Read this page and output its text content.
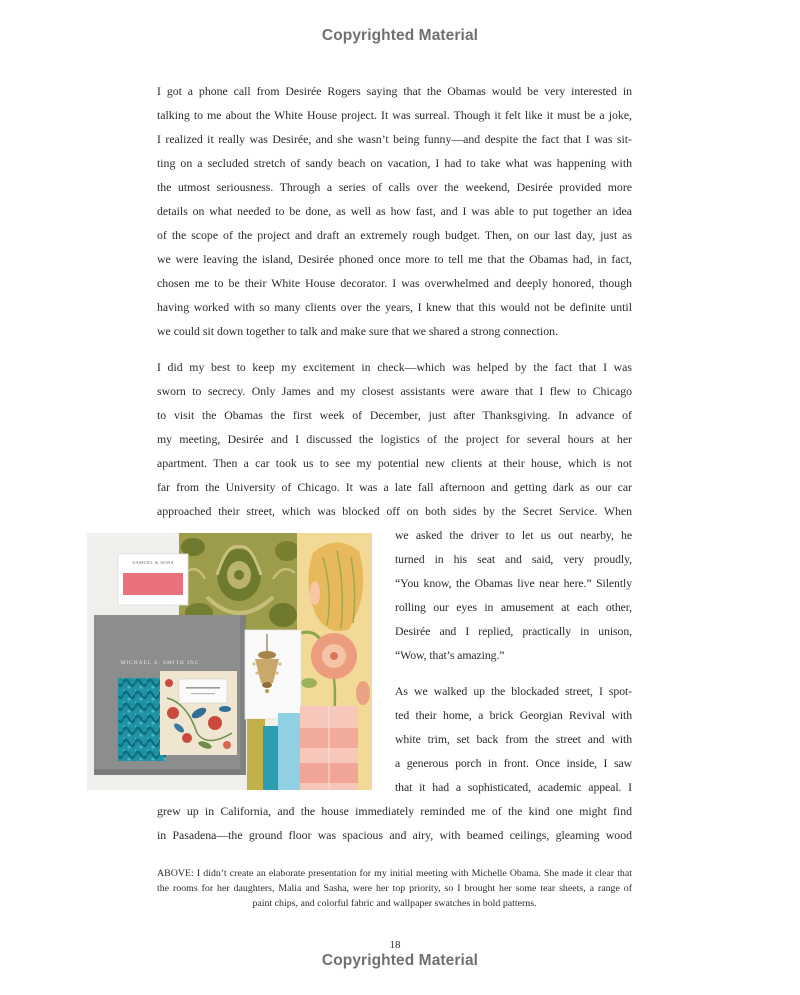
Copyrighted Material
I got a phone call from Desirée Rogers saying that the Obamas would be very interested in
talking to me about the White House project. It was surreal. Though it felt like it must be a joke,
I realized it really was Desirée, and she wasn’t being funny—and despite the fact that I was sit-
ting on a secluded stretch of sandy beach on vacation, I had to take what was happening with
the utmost seriousness. Through a series of calls over the weekend, Desirée provided more
details on what needed to be done, as well as how fast, and I was able to put together an idea
of the scope of the project and draft an extremely rough budget. Then, on our last day, just as
we were leaving the island, Desirée phoned once more to tell me that the Obamas had, in fact,
chosen me to be their White House decorator. I was overwhelmed and deeply honored, though
having worked with so many clients over the years, I knew that this would not be definite until
we could sit down together to talk and make sure that we shared a strong connection.
I did my best to keep my excitement in check—which was helped by the fact that I was
sworn to secrecy. Only James and my closest assistants were aware that I flew to Chicago
to visit the Obamas the first week of December, just after Thanksgiving. In advance of
my meeting, Desirée and I discussed the logistics of the project for several hours at her
apartment. Then a car took us to see my potential new clients at their house, which is not
far from the University of Chicago. It was a late fall afternoon and getting dark as our car
approached their street, which was blocked off on both sides by the Secret Service. When
we asked the driver to let us out nearby, he
turned in his seat and said, very proudly,
“You know, the Obamas live near here.” Silently
rolling our eyes in amusement at each other,
Desirée and I replied, practically in unison,
“Wow, that’s amazing.”
As we walked up the blockaded street, I spot-
ted their home, a brick Georgian Revival with
white trim, set back from the street and with
a generous porch in front. Once inside, I saw
that it had a sophisticated, academic appeal. I
grew up in California, and the house immediately reminded me of the kind one might find
in Pasadena—the ground floor was spacious and airy, with beamed ceilings, gleaming wood
SAMUEL & SONS
MICHAEL S. SMITH INC
ABOVE: I didn’t create an elaborate presentation for my initial meeting with Michelle Obama. She made it clear that
the rooms for her daughters, Malia and Sasha, were her top priority, so I brought her some tear sheets, a range of
paint chips, and colorful fabric and wallpaper swatches in bold patterns.
18
Copyrighted Material
